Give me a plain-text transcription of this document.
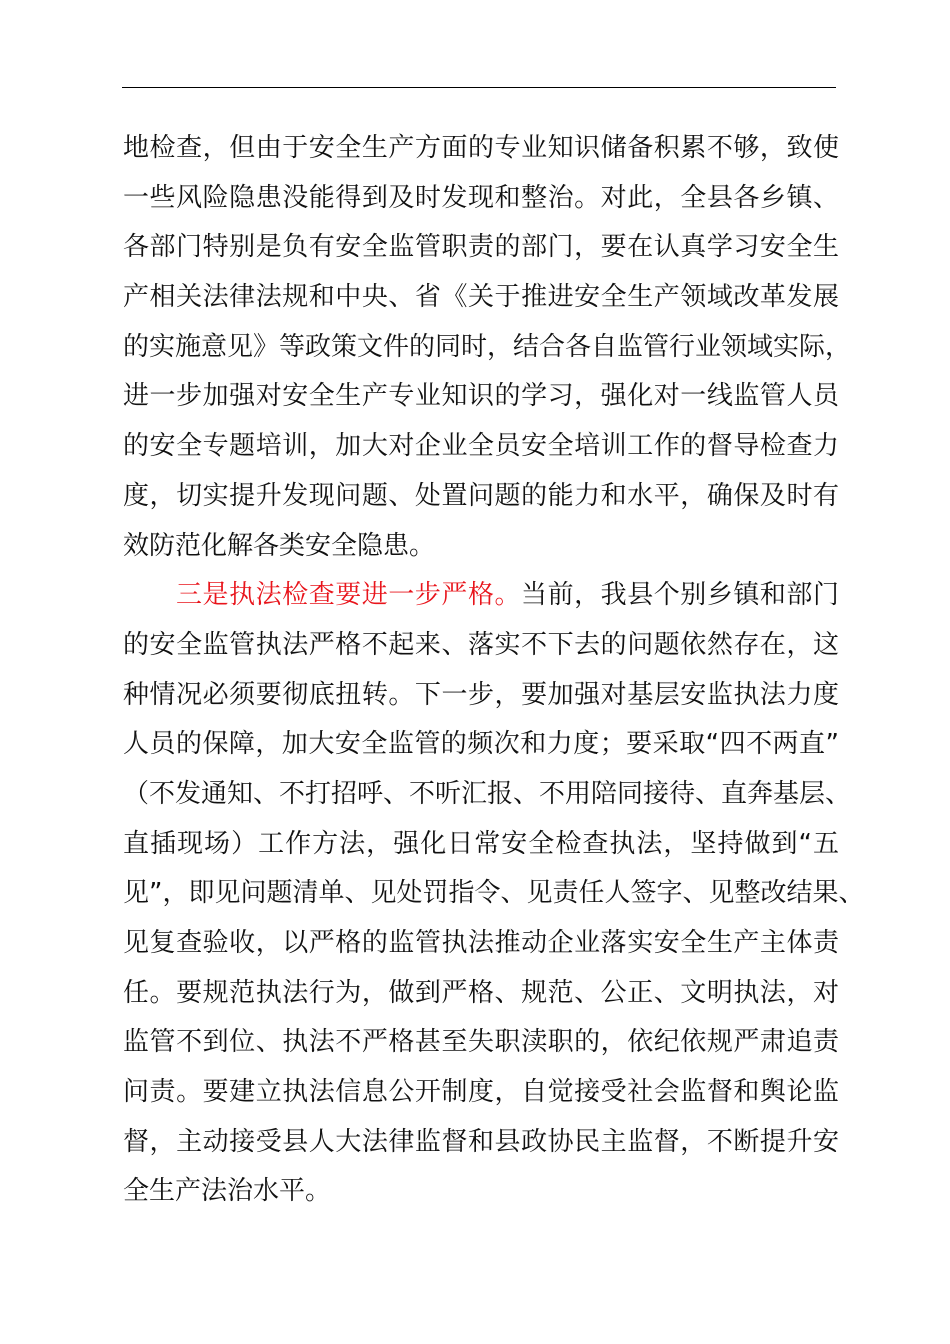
地检查，但由于安全生产方面的专业知识储备积累不够，致使
一些风险隐患没能得到及时发现和整治。对此，全县各乡镇、
各部门特别是负有安全监管职责的部门，要在认真学习安全生
产相关法律法规和中央、省《关于推进安全生产领域改革发展
的实施意见》等政策文件的同时，结合各自监管行业领域实际，
进一步加强对安全生产专业知识的学习，强化对一线监管人员
的安全专题培训，加大对企业全员安全培训工作的督导检查力
度，切实提升发现问题、处置问题的能力和水平，确保及时有
效防范化解各类安全隐患。
三是执法检查要进一步严格。当前，我县个别乡镇和部门
的安全监管执法严格不起来、落实不下去的问题依然存在，这
种情况必须要彻底扭转。下一步，要加强对基层安监执法力度
人员的保障，加大安全监管的频次和力度；要采取“四不两直”
（不发通知、不打招呼、不听汇报、不用陪同接待、直奔基层、
直插现场）工作方法，强化日常安全检查执法，坚持做到“五
见”，即见问题清单、见处罚指令、见责任人签字、见整改结果、
见复查验收，以严格的监管执法推动企业落实安全生产主体责
任。要规范执法行为，做到严格、规范、公正、文明执法，对
监管不到位、执法不严格甚至失职渎职的，依纪依规严肃追责
问责。要建立执法信息公开制度，自觉接受社会监督和舆论监
督，主动接受县人大法律监督和县政协民主监督，不断提升安
全生产法治水平。
